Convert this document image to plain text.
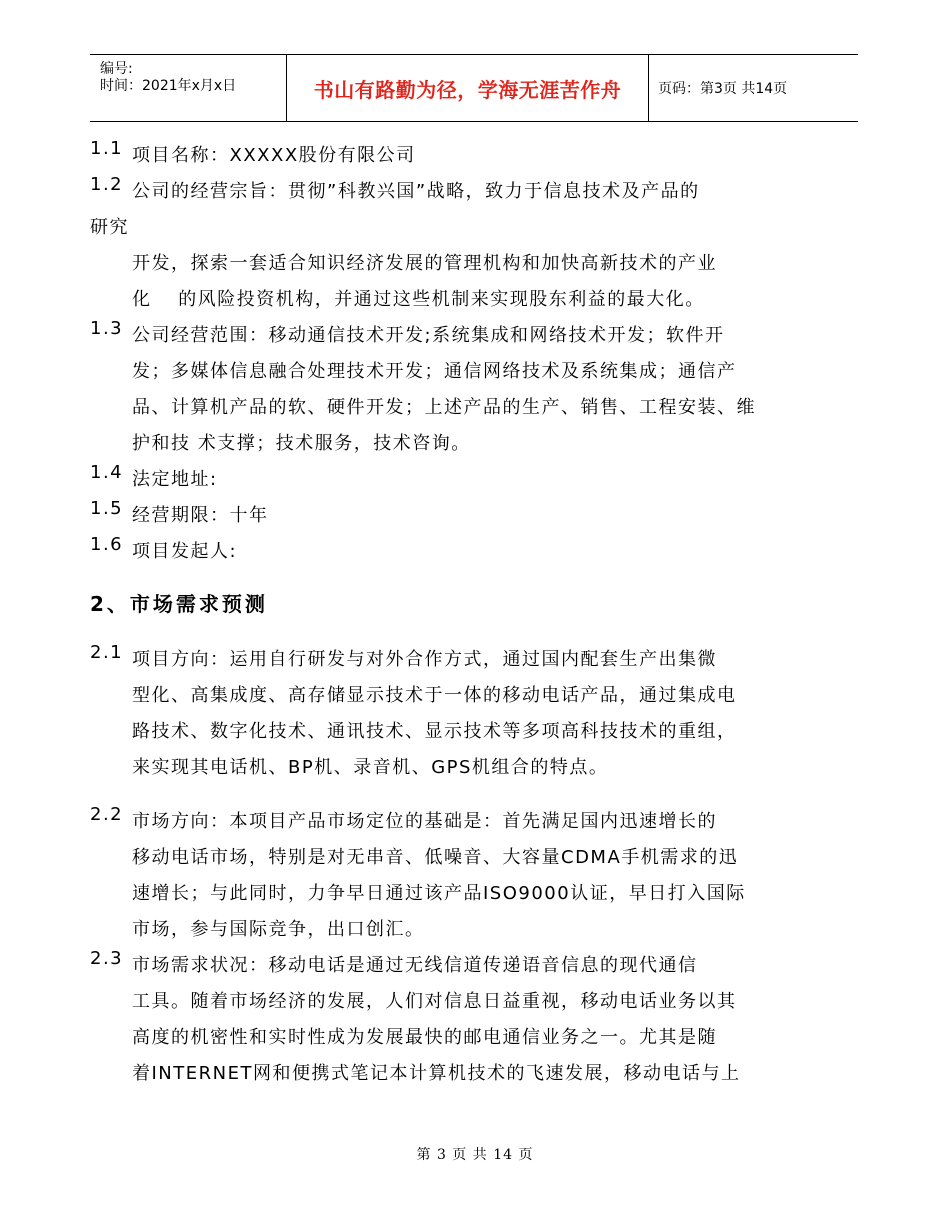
编号:
时间：2021年x月x日	书山有路勤为径，学海无涯苦作舟	页码：第3页 共14页
1.1 项目名称：XXXXX股份有限公司
1.2 公司的经营宗旨：贯彻”科教兴国”战略，致力于信息技术及产品的
研究
开发，探索一套适合知识经济发展的管理机构和加快高新技术的产业
化　 的风险投资机构，并通过这些机制来实现股东利益的最大化。
1.3 公司经营范围：移动通信技术开发;系统集成和网络技术开发；软件开
发；多媒体信息融合处理技术开发；通信网络技术及系统集成；通信产
品、计算机产品的软、硬件开发；上述产品的生产、销售、工程安装、维
护和技 术支撑；技术服务，技术咨询。
1.4 法定地址:
1.5 经营期限：十年
1.6 项目发起人:
2、市场需求预测
2.1 项目方向：运用自行研发与对外合作方式，通过国内配套生产出集微
型化、高集成度、高存储显示技术于一体的移动电话产品，通过集成电
路技术、数字化技术、通讯技术、显示技术等多项高科技技术的重组，
来实现其电话机、BP机、录音机、GPS机组合的特点。
2.2 市场方向：本项目产品市场定位的基础是：首先满足国内迅速增长的
移动电话市场，特别是对无串音、低噪音、大容量CDMA手机需求的迅
速增长；与此同时，力争早日通过该产品ISO9000认证，早日打入国际
市场，参与国际竞争，出口创汇。
2.3 市场需求状况：移动电话是通过无线信道传递语音信息的现代通信
工具。随着市场经济的发展，人们对信息日益重视，移动电话业务以其
高度的机密性和实时性成为发展最快的邮电通信业务之一。尤其是随
着INTERNET网和便携式笔记本计算机技术的飞速发展，移动电话与上
第 3 页 共 14 页
